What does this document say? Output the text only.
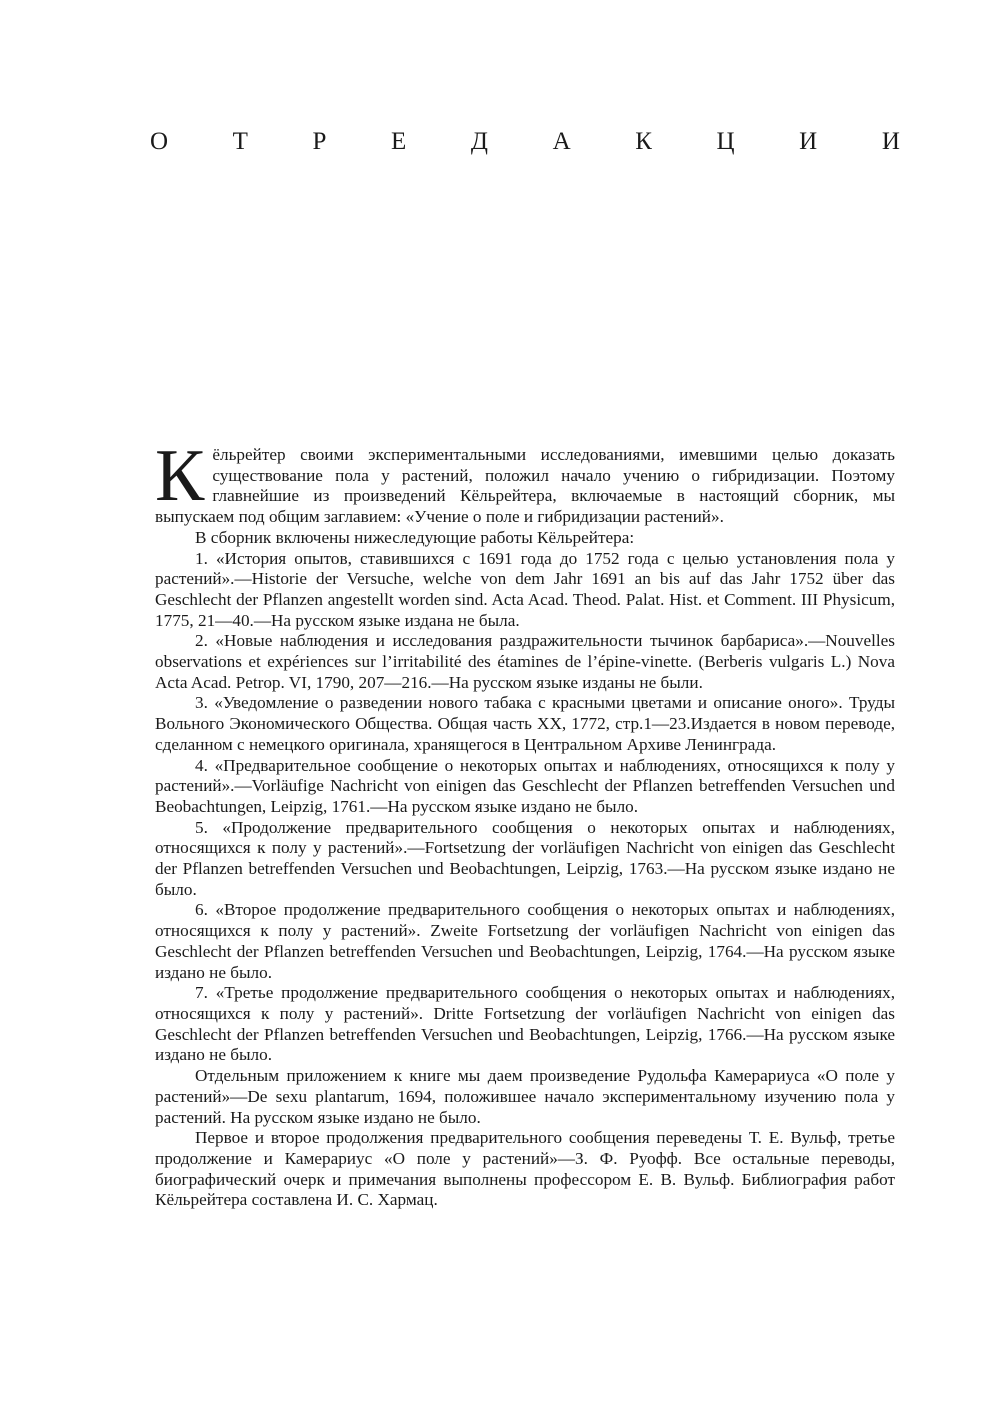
О	Т	Р	Е	Д	А	К	Ц	И	И

Кёльрейтер своими экспериментальными исследованиями, имевшими целью доказать существование пола у растений, положил начало учению о гибридизации. Поэтому главнейшие из произведений Кёльрейтера, включаемые в настоящий сборник, мы выпускаем под общим заглавием: «Учение о поле и гибридизации растений».

В сборник включены нижеследующие работы Кёльрейтера:

1. «История опытов, ставившихся с 1691 года до 1752 года с целью установления пола у растений».—Historie der Versuche, welche von dem Jahr 1691 an bis auf das Jahr 1752 über das Geschlecht der Pflanzen angestellt worden sind. Acta Acad. Theod. Palat. Hist. et Comment. III Physicum, 1775, 21—40.—На русском языке издана не была.

2. «Новые наблюдения и исследования раздражительности тычинок барбариса».—Nouvelles observations et expériences sur l’irritabilité des étamines de l’épine-vinette. (Berberis vulgaris L.) Nova Acta Acad. Petrop. VI, 1790, 207—216.—На русском языке изданы не были.

3. «Уведомление о разведении нового табака с красными цветами и описание оного». Труды Вольного Экономического Общества. Общая часть XX, 1772, стр.1—23.Издается в новом переводе, сделанном с немецкого оригинала, хранящегося в Центральном Архиве Ленинграда.

4. «Предварительное сообщение о некоторых опытах и наблюдениях, относящихся к полу у растений».—Vorläufige Nachricht von einigen das Geschlecht der Pflanzen betreffenden Versuchen und Beobachtungen, Leipzig, 1761.—На русском языке издано не было.

5. «Продолжение предварительного сообщения о некоторых опытах и наблюдениях, относящихся к полу у растений».—Fortsetzung der vorläufigen Nachricht von einigen das Geschlecht der Pflanzen betreffenden Versuchen und Beobachtungen, Leipzig, 1763.—На русском языке издано не было.

6. «Второе продолжение предварительного сообщения о некоторых опытах и наблюдениях, относящихся к полу у растений». Zweite Fortsetzung der vorläufigen Nachricht von einigen das Geschlecht der Pflanzen betreffenden Versuchen und Beobachtungen, Leipzig, 1764.—На русском языке издано не было.

7. «Третье продолжение предварительного сообщения о некоторых опытах и наблюдениях, относящихся к полу у растений». Dritte Fortsetzung der vorläufigen Nachricht von einigen das Geschlecht der Pflanzen betreffenden Versuchen und Beobachtungen, Leipzig, 1766.—На русском языке издано не было.

Отдельным приложением к книге мы даем произведение Рудольфа Камерариуса «О поле у растений»—De sexu plantarum, 1694, положившее начало экспериментальному изучению пола у растений. На русском языке издано не было.

Первое и второе продолжения предварительного сообщения переведены Т. Е. Вульф, третье продолжение и Камерариус «О поле у растений»—З. Ф. Руофф. Все остальные переводы, биографический очерк и примечания выполнены профессором Е. В. Вульф. Библиография работ Кёльрейтера составлена И. С. Хармац.
